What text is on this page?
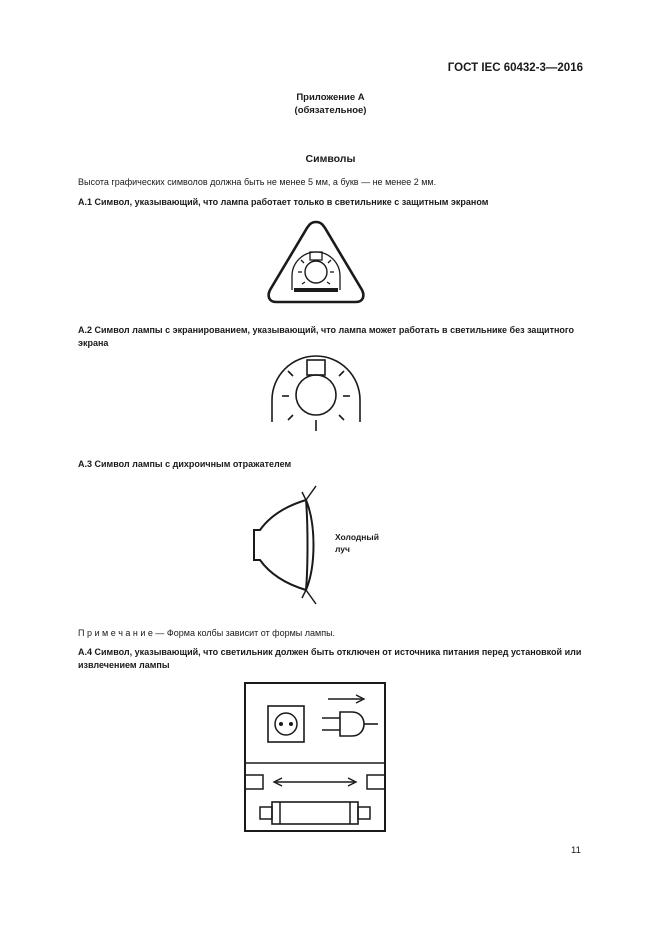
ГОСТ IEC 60432-3—2016
Приложение A
(обязательное)
Символы
Высота графических символов должна быть не менее 5 мм, а букв — не менее 2 мм.
A.1 Символ, указывающий, что лампа работает только в светильнике с защитным экраном
A.2 Символ лампы с экранированием, указывающий, что лампа может работать в светильнике без защитного экрана
A.3 Символ лампы с дихроичным отражателем
Холодный
луч
П р и м е ч а н и е — Форма колбы зависит от формы лампы.
A.4 Символ, указывающий, что светильник должен быть отключен от источника питания перед установкой или извлечением лампы
11
